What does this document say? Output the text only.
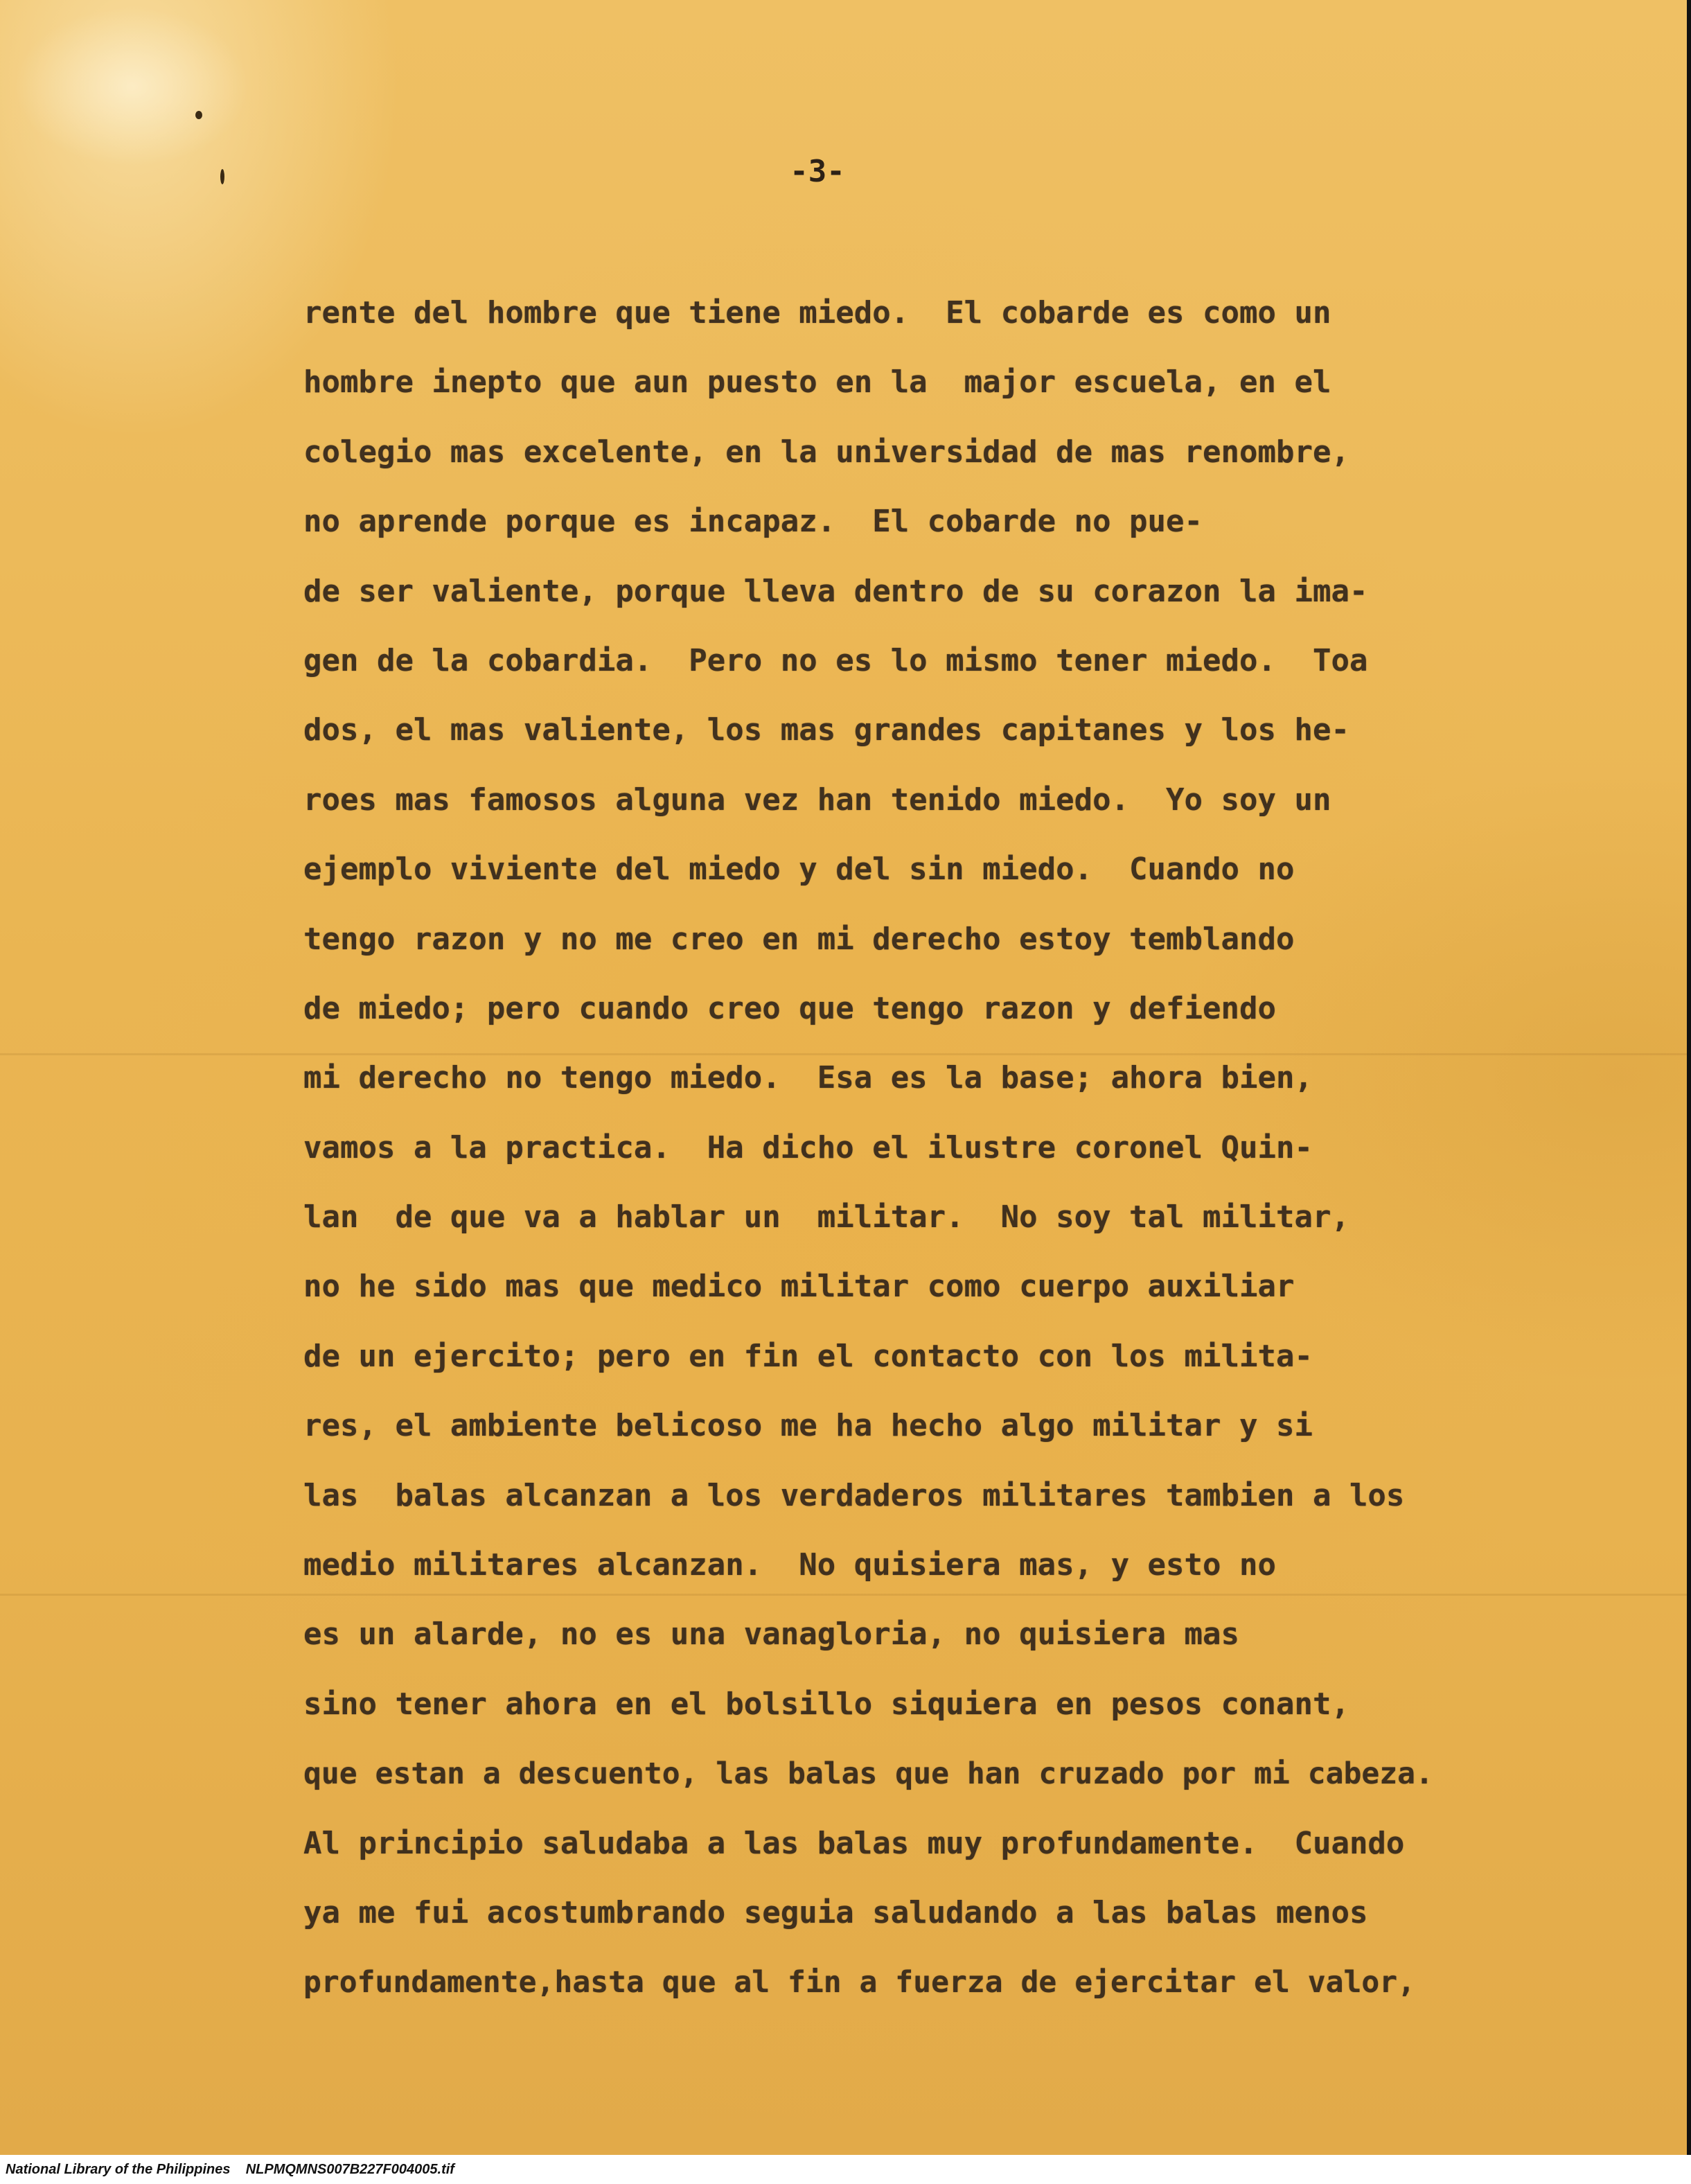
-3-
rente del hombre que tiene miedo.  El cobarde es como un
hombre inepto que aun puesto en la  major escuela, en el
colegio mas excelente, en la universidad de mas renombre,
no aprende porque es incapaz.  El cobarde no pue-
de ser valiente, porque lleva dentro de su corazon la ima-
gen de la cobardia.  Pero no es lo mismo tener miedo.  Toa
dos, el mas valiente, los mas grandes capitanes y los he-
roes mas famosos alguna vez han tenido miedo.  Yo soy un
ejemplo viviente del miedo y del sin miedo.  Cuando no
tengo razon y no me creo en mi derecho estoy temblando
de miedo; pero cuando creo que tengo razon y defiendo
mi derecho no tengo miedo.  Esa es la base; ahora bien,
vamos a la practica.  Ha dicho el ilustre coronel Quin-
lan  de que va a hablar un  militar.  No soy tal militar,
no he sido mas que medico militar como cuerpo auxiliar
de un ejercito; pero en fin el contacto con los milita-
res, el ambiente belicoso me ha hecho algo militar y si
las  balas alcanzan a los verdaderos militares tambien a los
medio militares alcanzan.  No quisiera mas, y esto no
es un alarde, no es una vanagloria, no quisiera mas
sino tener ahora en el bolsillo siquiera en pesos conant,
que estan a descuento, las balas que han cruzado por mi cabeza.
Al principio saludaba a las balas muy profundamente.  Cuando
ya me fui acostumbrando seguia saludando a las balas menos
profundamente,hasta que al fin a fuerza de ejercitar el valor,
National Library of the Philippines    NLPMQMNS007B227F004005.tif
